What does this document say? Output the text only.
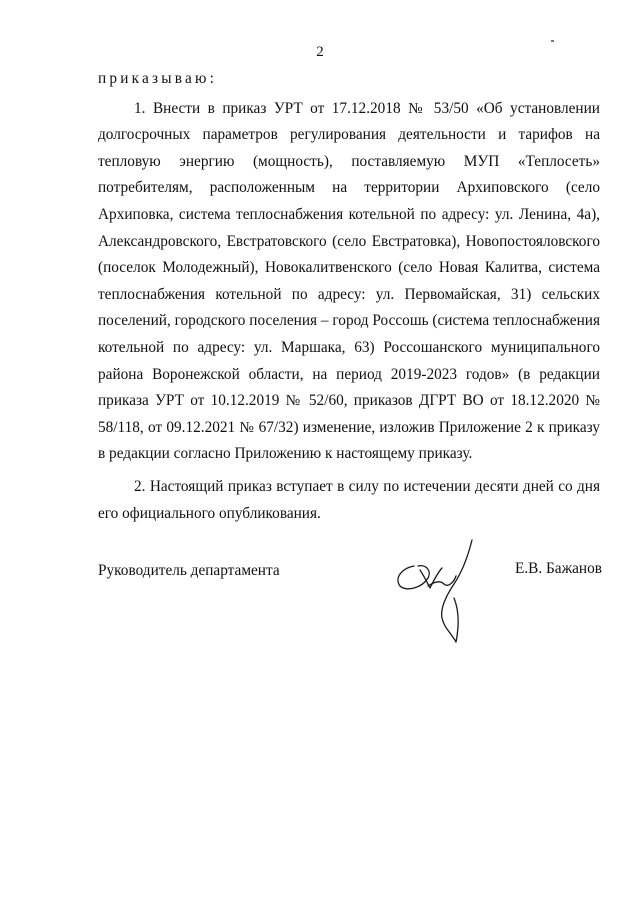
2

приказываю:

1. Внести в приказ УРТ от 17.12.2018 № 53/50 «Об установлении долгосрочных параметров регулирования деятельности и тарифов на тепловую энергию (мощность), поставляемую МУП «Теплосеть» потребителям, расположенным на территории Архиповского (село Архиповка, система теплоснабжения котельной по адресу: ул. Ленина, 4а), Александровского, Евстратовского (село Евстратовка), Новопостояловского (поселок Молодежный), Новокалитвенского (село Новая Калитва, система теплоснабжения котельной по адресу: ул. Первомайская, 31) сельских поселений, городского поселения – город Россошь (система теплоснабжения котельной по адресу: ул. Маршака, 63) Россошанского муниципального района Воронежской области, на период 2019-2023 годов» (в редакции приказа УРТ от 10.12.2019 № 52/60, приказов ДГРТ ВО от 18.12.2020 № 58/118, от 09.12.2021 № 67/32) изменение, изложив Приложение 2 к приказу в редакции согласно Приложению к настоящему приказу.

2. Настоящий приказ вступает в силу по истечении десяти дней со дня его официального опубликования.

Руководитель департамента	Е.В. Бажанов
